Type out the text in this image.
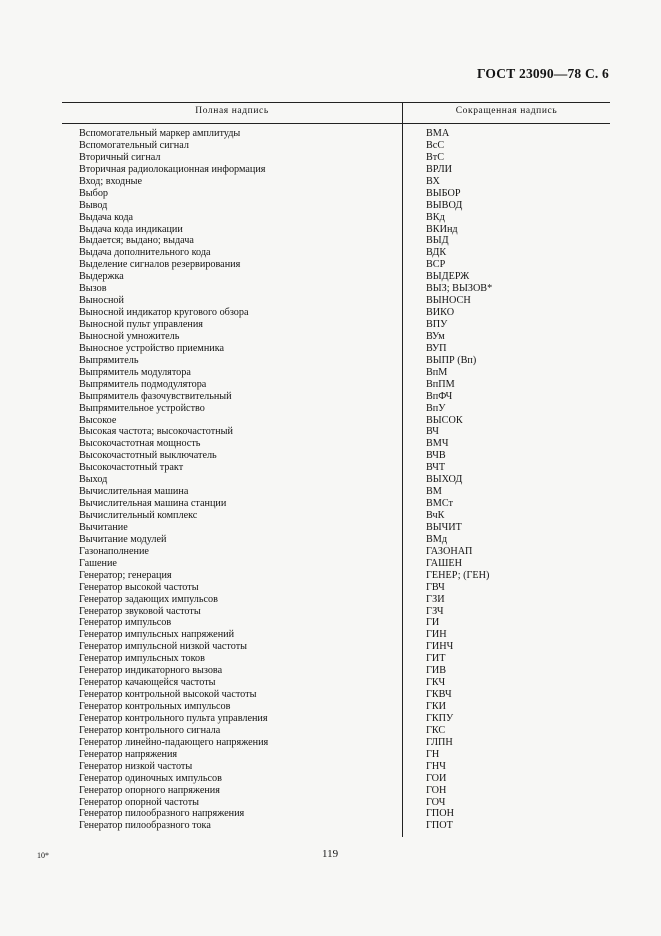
ГОСТ 23090—78 С. 6
Полная надпись	Сокращенная надпись
Вспомогательный маркер амплитуды	ВМА
Вспомогательный сигнал	ВсС
Вторичный сигнал	ВтС
Вторичная радиолокационная информация	ВРЛИ
Вход; входные	ВХ
Выбор	ВЫБОР
Вывод	ВЫВОД
Выдача кода	ВКд
Выдача кода индикации	ВКИнд
Выдается; выдано; выдача	ВЫД
Выдача дополнительного кода	ВДК
Выделение сигналов резервирования	ВСР
Выдержка	ВЫДЕРЖ
Вызов	ВЫЗ; ВЫЗОВ*
Выносной	ВЫНОСН
Выносной индикатор кругового обзора	ВИКО
Выносной пульт управления	ВПУ
Выносной умножитель	ВУм
Выносное устройство приемника	ВУП
Выпрямитель	ВЫПР (Вп)
Выпрямитель модулятора	ВпМ
Выпрямитель подмодулятора	ВпПМ
Выпрямитель фазочувствительный	ВпФЧ
Выпрямительное устройство	ВпУ
Высокое	ВЫСОК
Высокая частота; высокочастотный	ВЧ
Высокочастотная мощность	ВМЧ
Высокочастотный выключатель	ВЧВ
Высокочастотный тракт	ВЧТ
Выход	ВЫХОД
Вычислительная машина	ВМ
Вычислительная машина станции	ВМСт
Вычислительный комплекс	ВчК
Вычитание	ВЫЧИТ
Вычитание модулей	ВМд
Газонаполнение	ГАЗОНАП
Гашение	ГАШЕН
Генератор; генерация	ГЕНЕР; (ГЕН)
Генератор высокой частоты	ГВЧ
Генератор задающих импульсов	ГЗИ
Генератор звуковой частоты	ГЗЧ
Генератор импульсов	ГИ
Генератор импульсных напряжений	ГИН
Генератор импульсной низкой частоты	ГИНЧ
Генератор импульсных токов	ГИТ
Генератор индикаторного вызова	ГИВ
Генератор качающейся частоты	ГКЧ
Генератор контрольной высокой частоты	ГКВЧ
Генератор контрольных импульсов	ГКИ
Генератор контрольного пульта управления	ГКПУ
Генератор контрольного сигнала	ГКС
Генератор линейно-падающего напряжения	ГЛПН
Генератор напряжения	ГН
Генератор низкой частоты	ГНЧ
Генератор одиночных импульсов	ГОИ
Генератор опорного напряжения	ГОН
Генератор опорной частоты	ГОЧ
Генератор пилообразного напряжения	ГПОН
Генератор пилообразного тока	ГПОТ
10*	119
